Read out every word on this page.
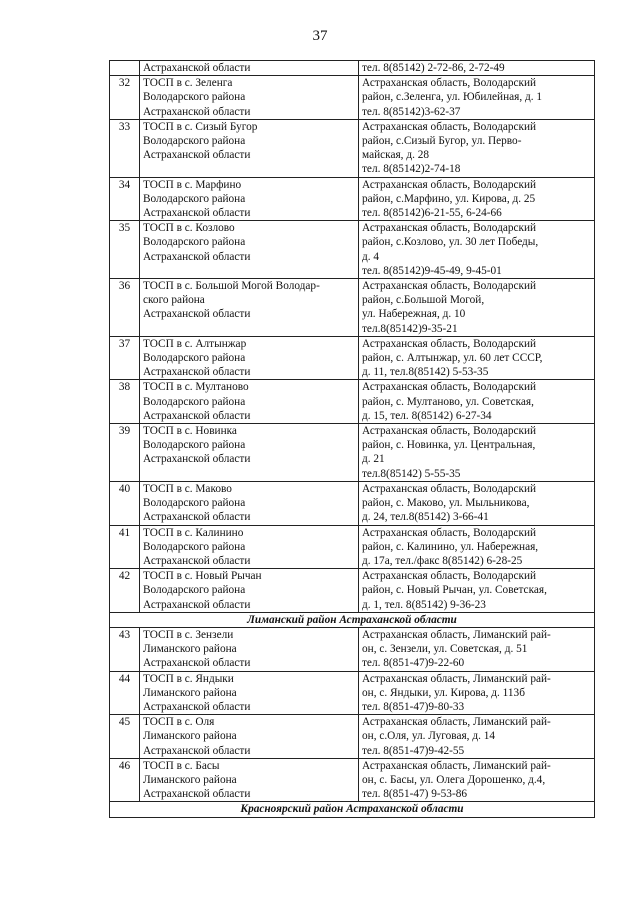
37

	Астраханской области	тел. 8(85142) 2-72-86, 2-72-49

32	ТОСП в с. Зеленга
Володарского района
Астраханской области	Астраханская область, Володарский
район, с.Зеленга, ул. Юбилейная, д. 1
тел. 8(85142)3-62-37

33	ТОСП в с. Сизый Бугор
Володарского района
Астраханской области	Астраханская область, Володарский
район, с.Сизый Бугор, ул. Перво-
майская, д. 28
тел. 8(85142)2-74-18

34	ТОСП в с. Марфино
Володарского района
Астраханской области	Астраханская область, Володарский
район, с.Марфино, ул. Кирова, д. 25
тел. 8(85142)6-21-55, 6-24-66

35	ТОСП в с. Козлово
Володарского района
Астраханской области	Астраханская область, Володарский
район, с.Козлово, ул. 30 лет Победы,
д. 4
тел. 8(85142)9-45-49, 9-45-01

36	ТОСП в с. Большой Могой Володар-
ского района
Астраханской области	Астраханская область, Володарский
район, с.Большой Могой,
ул. Набережная, д. 10
тел.8(85142)9-35-21

37	ТОСП в с. Алтынжар
Володарского района
Астраханской области	Астраханская область, Володарский
район, с. Алтынжар, ул. 60 лет СССР,
д. 11, тел.8(85142) 5-53-35

38	ТОСП в с. Мултаново
Володарского района
Астраханской области	Астраханская область, Володарский
район, с. Мултаново, ул. Советская,
д. 15, тел. 8(85142) 6-27-34

39	ТОСП в с. Новинка
Володарского района
Астраханской области	Астраханская область, Володарский
район, с. Новинка, ул. Центральная,
д. 21
тел.8(85142) 5-55-35

40	ТОСП в с. Маково
Володарского района
Астраханской области	Астраханская область, Володарский
район, с. Маково, ул. Мыльникова,
д. 24, тел.8(85142) 3-66-41

41	ТОСП в с. Калинино
Володарского района
Астраханской области	Астраханская область, Володарский
район, с. Калинино, ул. Набережная,
д. 17а, тел./факс 8(85142) 6-28-25

42	ТОСП в с. Новый Рычан
Володарского района
Астраханской области	Астраханская область, Володарский
район, с. Новый Рычан, ул. Советская,
д. 1, тел. 8(85142) 9-36-23

Лиманский район Астраханской области		
43	ТОСП в с. Зензели
Лиманского района
Астраханской области	Астраханская область, Лиманский рай-
он, с. Зензели, ул. Советская, д. 51
тел. 8(851-47)9-22-60

44	ТОСП в с. Яндыки
Лиманского района
Астраханской области	Астраханская область, Лиманский рай-
он, с. Яндыки, ул. Кирова, д. 113б
тел. 8(851-47)9-80-33

45	ТОСП в с. Оля
Лиманского района
Астраханской области	Астраханская область, Лиманский рай-
он, с.Оля, ул. Луговая, д. 14
тел. 8(851-47)9-42-55

46	ТОСП в с. Басы
Лиманского района
Астраханской области	Астраханская область, Лиманский рай-
он, с. Басы, ул. Олега Дорошенко, д.4,
тел. 8(851-47) 9-53-86

Красноярский район Астраханской области		
